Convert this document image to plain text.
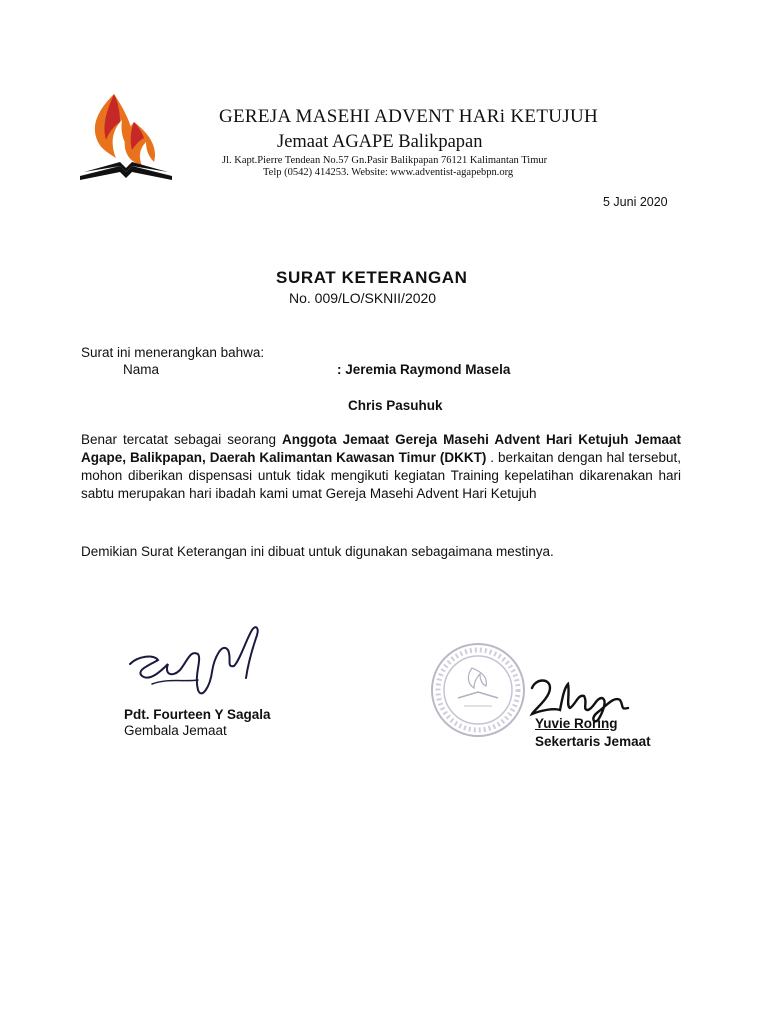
GEREJA MASEHI ADVENT HARi KETUJUH
Jemaat AGAPE Balikpapan
Jl. Kapt.Pierre Tendean No.57 Gn.Pasir Balikpapan 76121 Kalimantan Timur
Telp (0542) 414253. Website: www.adventist-agapebpn.org
5 Juni 2020
SURAT KETERANGAN
No. 009/LO/SKNII/2020
Surat ini menerangkan bahwa:
Nama	: Jeremia Raymond Masela
Chris Pasuhuk
Benar tercatat sebagai seorang Anggota Jemaat Gereja Masehi Advent Hari Ketujuh Jemaat Agape, Balikpapan, Daerah Kalimantan Kawasan Timur (DKKT) . berkaitan dengan hal tersebut, mohon diberikan dispensasi untuk tidak mengikuti kegiatan Training kepelatihan dikarenakan hari sabtu merupakan hari ibadah kami umat Gereja Masehi Advent Hari Ketujuh
Demikian Surat Keterangan ini dibuat untuk digunakan sebagaimana mestinya.
Pdt. Fourteen Y Sagala
Gembala Jemaat	Yuvie Roring
Sekertaris Jemaat
